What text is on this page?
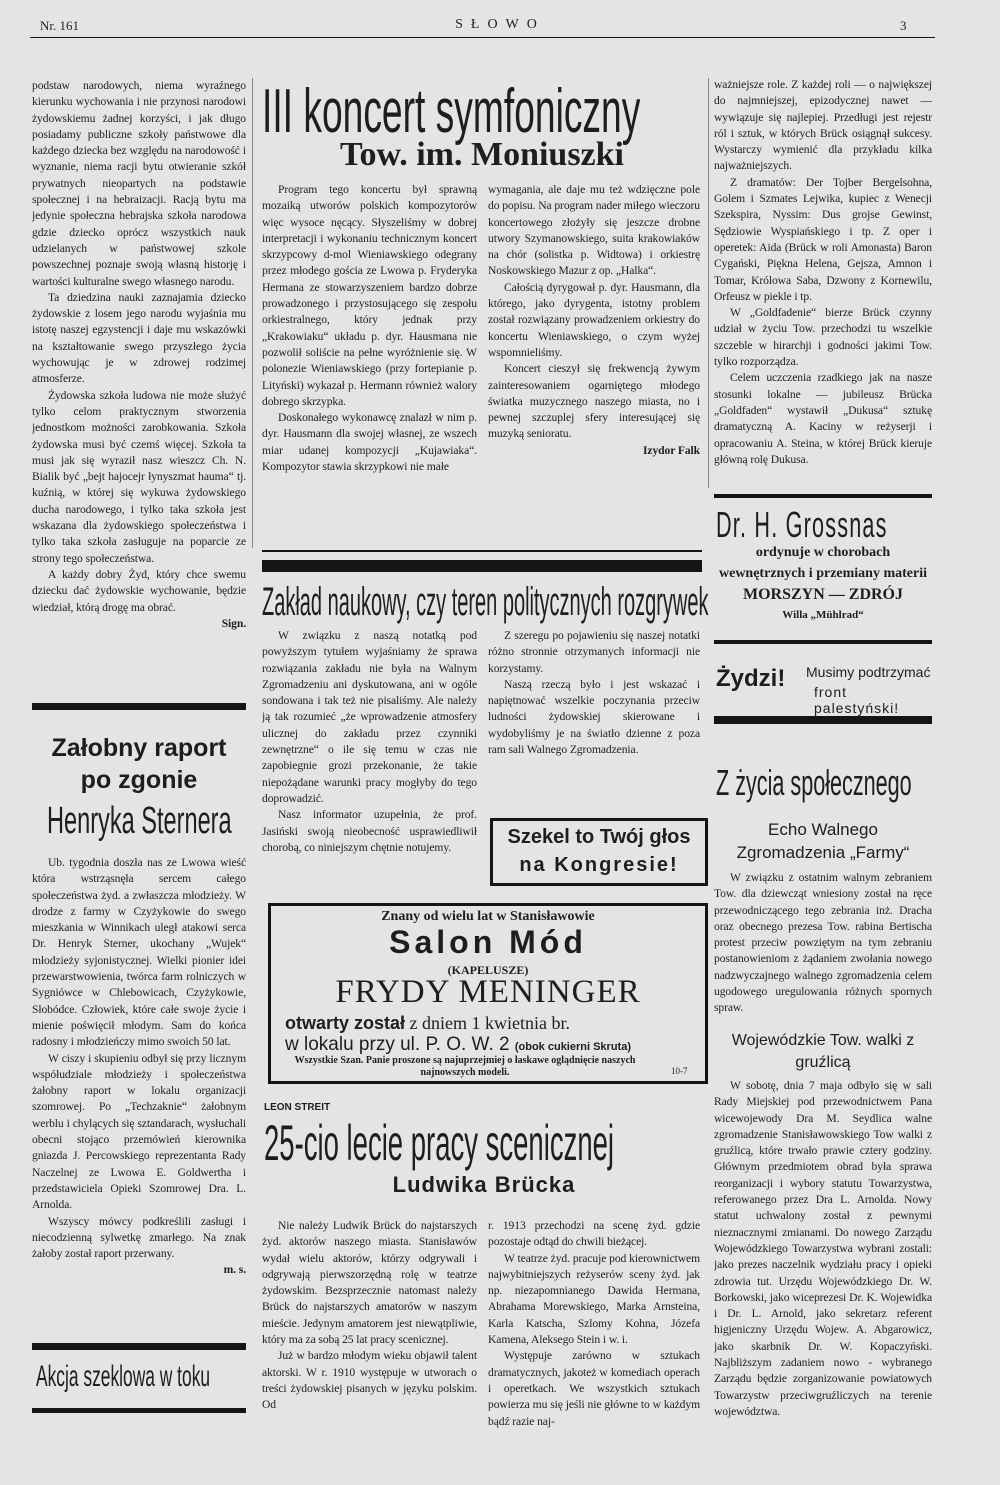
Nr. 161	SŁOWO	3

podstaw narodowych, niema wyraźnego kierunku wychowania i nie przynosi narodowi żydowskiemu żadnej korzyści, i jak długo posiadamy publiczne szkoły państwowe dla każdego dziecka bez względu na narodowość i wyznanie, niema racji bytu otwieranie szkół prywatnych nieopartych na podstawie społecznej i na hebraizacji. Racją bytu ma jedynie społeczna hebrajska szkoła narodowa gdzie dziecko oprócz wszystkich nauk udzielanych w państwowej szkole powszechnej poznaje swoją własną historję i wartości kulturalne swego własnego narodu.

Ta dziedzina nauki zaznajamia dziecko żydowskie z losem jego narodu wyjaśnia mu istotę naszej egzystencji i daje mu wskazówki na kształtowanie swego przyszłego życia wychowując je w zdrowej rodzimej atmosferze.

Żydowska szkoła ludowa nie może służyć tylko celom praktycznym stworzenia jednostkom możności zarobkowania. Szkoła żydowska musi być czemś więcej. Szkoła ta musi jak się wyraził nasz wieszcz Ch. N. Bialik być „bejt hajocejr łynyszmat hauma“ tj. kuźnią, w której się wykuwa żydowskiego ducha narodowego, i tylko taka szkoła jest wskazana dla żydowskiego społeczeństwa i tylko taka szkoła zasługuje na poparcie ze strony tego społeczeństwa.

A każdy dobry Żyd, który chce swemu dziecku dać żydowskie wychowanie, będzie wiedział, którą drogę ma obrać.

Sign.
Załobny raport
po zgonie
Henryka Sternera

Ub. tygodnia doszła nas ze Lwowa wieść która wstrząsnęła sercem całego społeczeństwa żyd. a zwłaszcza młodzieży. W drodze z farmy w Czyżykowie do swego mieszkania w Winnikach uległ atakowi serca Dr. Henryk Sterner, ukochany „Wujek“ młodzieży syjonistycznej. Wielki pionier idei przewarstwowienia, twórca farm rolniczych w Sygniówce w Chlebowicach, Czyżykowie, Słobódce. Człowiek, które całe swoje życie i mienie poświęcił młodym. Sam do końca radosny i młodzieńczy mimo swoich 50 lat.

W ciszy i skupieniu odbył się przy licznym współudziale młodzieży i społeczeństwa żałobny raport w lokalu organizacji szomrowej. Po „Techzaknie“ żałobnym werblu i chylących się sztandarach, wysłuchali obecni stojąco przemówień kierownika gniazda J. Percowskiego reprezentanta Rady Naczelnej ze Lwowa E. Goldwertha i przedstawiciela Opieki Szomrowej Dra. L. Arnolda.

Wszyscy mówcy podkreślili zasługi i niecodzienną sylwetkę zmarłego. Na znak żałoby został raport przerwany.

m. s.
Akcja szeklowa w toku
III koncert symfoniczny
Tow. im. Moniuszki

Program tego koncertu był sprawną mozaiką utworów polskich kompozytorów więc wysoce nęcący. Słyszeliśmy w dobrej interpretacji i wykonaniu technicznym koncert skrzypcowy d-mol Wieniawskiego odegrany przez młodego gościa ze Lwowa p. Fryderyka Hermana ze stowarzyszeniem bardzo dobrze prowadzonego i przystosującego się zespołu orkiestralnego, który jednak przy „Krakowiaku“ układu p. dyr. Hausmana nie pozwolił soliście na pełne wyróżnienie się. W polonezie Wieniawskiego (przy fortepianie p. Lityński) wykazał p. Hermann również walory dobrego skrzypka.

Doskonałego wykonawcę znalazł w nim p. dyr. Hausmann dla swojej własnej, ze wszech miar udanej kompozycji „Kujawiaka“. Kompozytor stawia skrzypkowi nie małe

wymagania, ale daje mu też wdzięczne pole do popisu. Na program nader miłego wieczoru koncertowego złożyły się jeszcze drobne utwory Szymanowskiego, suita krakowiaków na chór (solistka p. Widtowa) i orkiestrę Noskowskiego Mazur z op. „Halka“.

Całością dyrygował p. dyr. Hausmann, dla którego, jako dyrygenta, istotny problem został rozwiązany prowadzeniem orkiestry do koncertu Wieniawskiego, o czym wyżej wspomnieliśmy.

Koncert cieszył się frekwencją żywym zainteresowaniem ogarniętego młodego światka muzycznego naszego miasta, no i pewnej szczuplej sfery interesującej się muzyką senioratu.

Izydor Falk
Zakład naukowy, czy teren politycznych rozgrywek

W związku z naszą notatką pod powyższym tytułem wyjaśniamy że sprawa rozwiązania zakładu nie była na Walnym Zgromadzeniu ani dyskutowana, ani w ogóle sondowana i tak też nie pisaliśmy. Ale należy ją tak rozumieć „że wprowadzenie atmosfery ulicznej do zakładu przez czynniki zewnętrzne“ o ile się temu w czas nie zapobiegnie grozi przekonanie, że takie niepożądane warunki pracy mogłyby do tego doprowadzić.

Nasz informator uzupełnia, że prof. Jasiński swoją nieobecność usprawiedliwił chorobą, co niniejszym chętnie notujemy.

Z szeregu po pojawieniu się naszej notatki różno stronnie otrzymanych informacji nie korzystamy.

Naszą rzeczą było i jest wskazać i napiętnować wszelkie poczynania przeciw ludności żydowskiej skierowane i wydobyliśmy je na światło dzienne z poza ram sali Walnego Zgromadzenia.

Szekel to Twój głos
na Kongresie!
Znany od wielu lat w Stanisławowie
Salon Mód
(KAPELUSZE)
FRYDY MENINGER
otwarty został z dniem 1 kwietnia br.
w lokalu przy ul. P. O. W. 2 (obok cukierni Skruta)
Wszystkie Szan. Panie proszone są najuprzejmiej o łaskawe oglądnięcie naszych najnowszych modeli.	10-7
LEON STREIT
25-cio lecie pracy scenicznej
Ludwika Brücka

Nie należy Ludwik Brück do najstarszych żyd. aktorów naszego miasta. Stanisławów wydał wielu aktorów, którzy odgrywali i odgrywają pierwszorzędną rolę w teatrze żydowskim. Bezsprzecznie natomast należy Brück do najstarszych amatorów w naszym mieście. Jedynym amatorem jest niewątpliwie, który ma za sobą 25 lat pracy scenicznej.

Już w bardzo młodym wieku objawił talent aktorski. W r. 1910 występuje w utworach o treści żydowskiej pisanych w języku polskim. Od

r. 1913 przechodzi na scenę żyd. gdzie pozostaje odtąd do chwili bieżącej.

W teatrze żyd. pracuje pod kierownictwem najwybitniejszych reżyserów sceny żyd. jak np. niezapomnianego Dawida Hermana, Abrahama Morewskiego, Marka Arnsteina, Karla Katscha, Szlomy Kohna, Józefa Kamena, Aleksego Stein i w. i.

Występuje zarówno w sztukach dramatycznych, jakoteż w komediach operach i operetkach. We wszystkich sztukach powierza mu się jeśli nie główne to w każdym bądź razie naj-

ważniejsze role. Z każdej roli — o największej do najmniejszej, epizodycznej nawet — wywiązuje się najlepiej. Przedługi jest rejestr ról i sztuk, w których Brück osiągnął sukcesy. Wystarczy wymienić dla przykładu kilka najważniejszych.

Z dramatów: Der Tojber Bergelsohna, Golem i Szmates Lejwika, kupiec z Wenecji Szekspira, Nyssim: Dus grojse Gewinst, Sędziowie Wyspiańskiego i tp. Z oper i operetek: Aida (Brück w roli Amonasta) Baron Cygański, Piękna Helena, Gejsza, Amnon i Tomar, Królowa Saba, Dzwony z Kornewilu, Orfeusz w piekle i tp.

W „Goldfadenie“ bierze Brück czynny udział w życiu Tow. przechodzi tu wszelkie szczeble w hirarchji i godności jakimi Tow. tylko rozporządza.

Celem uczczenia rzadkiego jak na nasze stosunki lokalne — jubileusz Brücka „Goldfaden“ wystawił „Dukusa“ sztukę dramatyczną A. Kaciny w reżyserji i opracowaniu A. Steina, w której Brück kieruje główną rolę Dukusa.

Dr. H. Grossnas
ordynuje w chorobach wewnętrznych i przemiany materii
MORSZYN — ZDRÓJ
Willa „Mühlrad“
Żydzi! Musimy podtrzymać
front palestyński!
Z życia społecznego
Echo Walnego Zgromadzenia „Farmy“

W związku z ostatnim walnym zebraniem Tow. dla dziewcząt wniesiony został na ręce przewodniczącego tego zebrania inż. Dracha oraz obecnego prezesa Tow. rabina Bertischa protest przeciw powziętym na tym zebraniu postanowieniom z żądaniem zwołania nowego nadzwyczajnego walnego zgromadzenia celem ugodowego uregulowania różnych spornych spraw.

Wojewódzkie Tow. walki z gruźlicą

W sobotę, dnia 7 maja odbyło się w sali Rady Miejskiej pod przewodnictwem Pana wicewojewody Dra M. Seydlica walne zgromadzenie Stanisławowskiego Tow walki z gruźlicą, które trwało prawie cztery godziny. Głównym przedmiotem obrad była sprawa reorganizacji i wybory statutu Towarzystwa, referowanego przez Dra L. Arnolda. Nowy statut uchwalony został z pewnymi nieznacznymi zmianami. Do nowego Zarządu Wojewódzkiego Towarzystwa wybrani zostali: jako prezes naczelnik wydziału pracy i opieki zdrowia tut. Urzędu Wojewódzkiego Dr. W. Borkowski, jako wiceprezesi Dr. K. Wojewidka i Dr. L. Arnold, jako sekretarz referent higjeniczny Urzędu Wojew. A. Abgarowicz, jako skarbnik Dr. W. Kopaczyński. Najbliższym zadaniem nowo - wybranego Zarządu będzie zorganizowanie powiatowych Towarzystw przeciwgruźliczych na terenie województwa.
